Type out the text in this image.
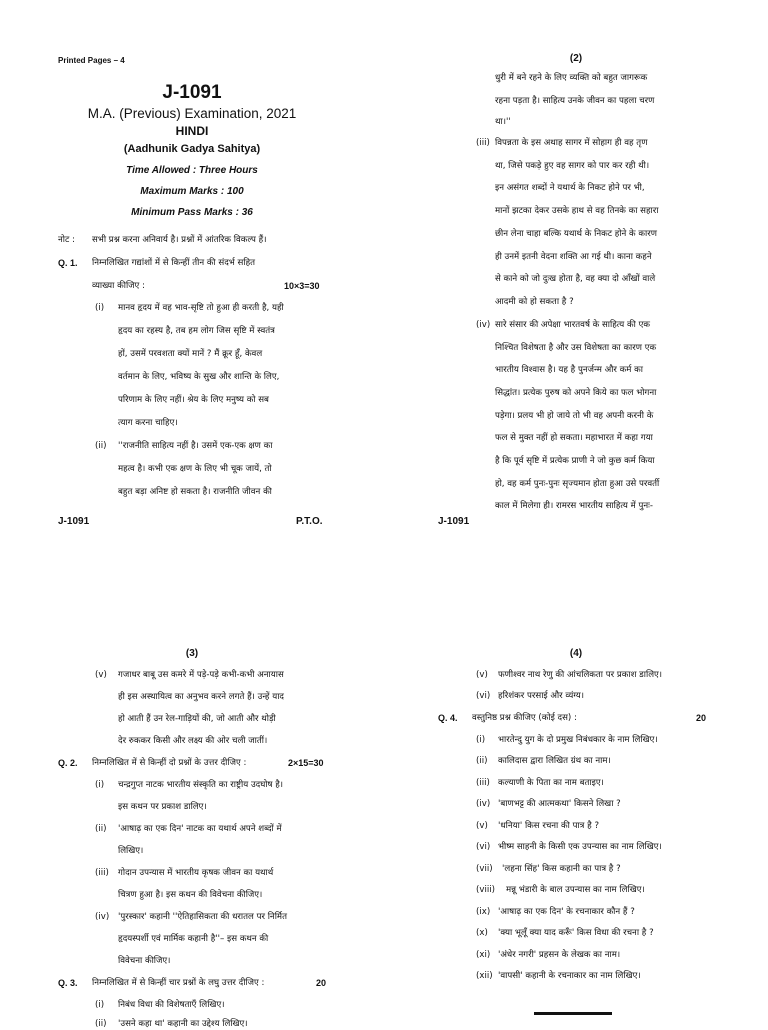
Printed Pages – 4
J-1091
M.A. (Previous) Examination, 2021
HINDI
(Aadhunik Gadya Sahitya)
Time Allowed : Three Hours
Maximum Marks : 100
Minimum Pass Marks : 36
नोट : सभी प्रश्न करना अनिवार्य है। प्रश्नों में आंतरिक विकल्प हैं।
Q. 1. निम्नलिखित गद्यांशों में से किन्हीं तीन की संदर्भ सहित
व्याख्या कीजिए :	10×3=30
(i) मानव हृदय में वह भाव-सृष्टि तो हुआ ही करती है, यही
हृदय का रहस्य है, तब हम लोग जिस सृष्टि में स्वतंत्र
हों, उसमें परवशता क्यों मानें ? मैं क्रूर हूँ, केवल
वर्तमान के लिए, भविष्य के सुख और शान्ति के लिए,
परिणाम के लिए नहीं। श्रेय के लिए मनुष्य को सब
त्याग करना चाहिए।
(ii) ''राजनीति साहित्य नहीं है। उसमें एक-एक क्षण का
महत्व है। कभी एक क्षण के लिए भी चूक जायें, तो
बहुत बड़ा अनिष्ट हो सकता है। राजनीति जीवन की
J-1091	P.T.O.
(2)
धुरी में बने रहने के लिए व्यक्ति को बहुत जागरूक
रहना पड़ता है। साहित्य उनके जीवन का पहला चरण
था।''
(iii) विपन्नता के इस अथाह सागर में सोहाग ही वह तृण
था, जिसे पकड़े हुए वह सागर को पार कर रही थी।
इन असंगत शब्दों ने यथार्थ के निकट होने पर भी,
मानों झटका देकर उसके हाथ से वह तिनके का सहारा
छीन लेना चाहा बल्कि यथार्थ के निकट होने के कारण
ही उनमें इतनी वेदना शक्ति आ गई थी। काना कहने
से काने को जो दुःख होता है, वह क्या दो आँखों वाले
आदमी को हो सकता है ?
(iv) सारे संसार की अपेक्षा भारतवर्ष के साहित्य की एक
निश्चित विशेषता है और उस विशेषता का कारण एक
भारतीय विश्वास है। यह है पुनर्जन्म और कर्म का
सिद्धांत। प्रत्येक पुरुष को अपने किये का फल भोगना
पड़ेगा। प्रलय भी हो जाये तो भी वह अपनी करनी के
फल से मुक्त नहीं हो सकता। महाभारत में कहा गया
है कि पूर्व सृष्टि में प्रत्येक प्राणी ने जो कुछ कर्म किया
हो, वह कर्म पुनः-पुनः सृज्यमान होता हुआ उसे परवर्ती
काल में मिलेगा ही। रामरस भारतीय साहित्य में पुनः-
J-1091
(3)
(v) गजाधर बाबू उस कमरे में पड़े-पड़े कभी-कभी अनायास
ही इस अस्थायित्व का अनुभव करने लगते हैं। उन्हें याद
हो आती हैं उन रेल-गाड़ियों की, जो आती और थोड़ी
देर रुककर किसी और लक्ष्य की ओर चली जातीं।
Q. 2. निम्नलिखित में से किन्हीं दो प्रश्नों के उत्तर दीजिए :	2×15=30
(i) चन्द्रगुप्त नाटक भारतीय संस्कृति का राष्ट्रीय उदघोष है।
इस कथन पर प्रकाश डालिए।
(ii) 'आषाढ़ का एक दिन' नाटक का यथार्थ अपने शब्दों में
लिखिए।
(iii) गोदान उपन्यास में भारतीय कृषक जीवन का यथार्थ
चित्रण हुआ है। इस कथन की विवेचना कीजिए।
(iv) 'पुरस्कार' कहानी ''ऐतिहासिकता की धरातल पर निर्मित
हृदयस्पर्शी एवं मार्मिक कहानी है''– इस कथन की
विवेचना कीजिए।
Q. 3. निम्नलिखित में से किन्हीं चार प्रश्नों के लघु उत्तर दीजिए :	20
(i) निबंध विधा की विशेषताएँ लिखिए।
(ii) 'उसने कहा था' कहानी का उद्देश्य लिखिए।
(4)
(v) फणीश्वर नाथ रेणु की आंचलिकता पर प्रकाश डालिए।
(vi) हरिशंकर परसाई और व्यंग्य।
Q. 4. वस्तुनिष्ठ प्रश्न कीजिए (कोई दस) :	20
(i) भारतेन्दु युग के दो प्रमुख निबंधकार के नाम लिखिए।
(ii) कालिदास द्वारा लिखित ग्रंथ का नाम।
(iii) कल्याणी के पिता का नाम बताइए।
(iv) 'बाणभट्ट की आत्मकथा' किसने लिखा ?
(v) 'धनिया' किस रचना की पात्र है ?
(vi) भीष्म साहनी के किसी एक उपन्यास का नाम लिखिए।
(vii) 'लहना सिंह' किस कहानी का पात्र है ?
(viii) मन्नू भंडारी के बाल उपन्यास का नाम लिखिए।
(ix) 'आषाढ़ का एक दिन' के रचनाकार कौन हैं ?
(x) 'क्या भूलूँ क्या याद करूँ' किस विधा की रचना है ?
(xi) 'अंधेर नगरी' प्रहसन के लेखक का नाम।
(xii) 'वापसी' कहानी के रचनाकार का नाम लिखिए।
